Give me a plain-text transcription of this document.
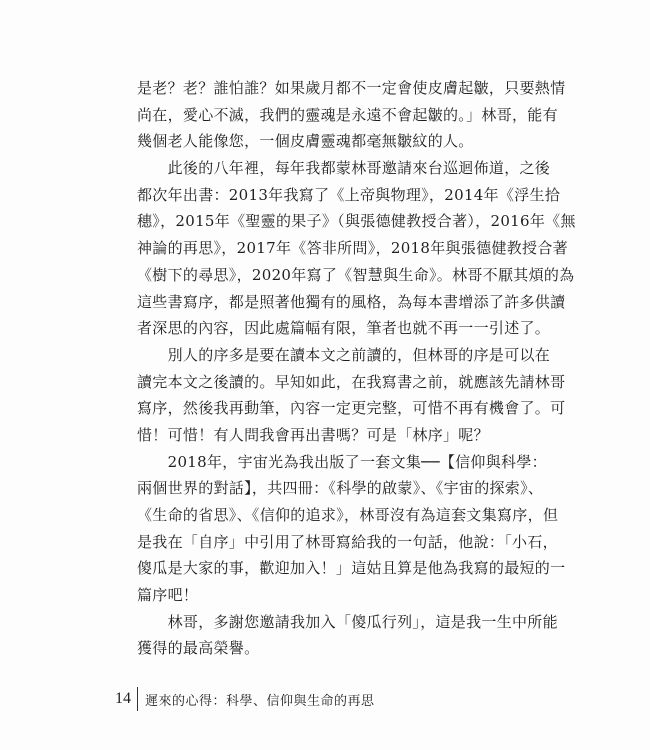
是老？老？誰怕誰？如果歲月都不一定會使皮膚起皺，只要熱情
尚在，愛心不滅，我們的靈魂是永遠不會起皺的。」林哥，能有
幾個老人能像您，一個皮膚靈魂都毫無皺紋的人。
　　此後的八年裡，每年我都蒙林哥邀請來台巡迴佈道，之後
都次年出書：2013年我寫了《上帝與物理》，2014年《浮生拾
穗》，2015年《聖靈的果子》（與張德健教授合著），2016年《無
神論的再思》，2017年《答非所問》，2018年與張德健教授合著
《樹下的尋思》，2020年寫了《智慧與生命》。林哥不厭其煩的為
這些書寫序，都是照著他獨有的風格，為每本書增添了許多供讀
者深思的內容，因此處篇幅有限，筆者也就不再一一引述了。
　　別人的序多是要在讀本文之前讀的，但林哥的序是可以在
讀完本文之後讀的。早知如此，在我寫書之前，就應該先請林哥
寫序，然後我再動筆，內容一定更完整，可惜不再有機會了。可
惜！可惜！有人問我會再出書嗎？可是「林序」呢？
　　2018年，宇宙光為我出版了一套文集──【信仰與科學：
兩個世界的對話】，共四冊：《科學的啟蒙》、《宇宙的探索》、
《生命的省思》、《信仰的追求》，林哥沒有為這套文集寫序，但
是我在「自序」中引用了林哥寫給我的一句話，他說：「小石，
傻瓜是大家的事，歡迎加入！」這姑且算是他為我寫的最短的一
篇序吧！
　　林哥，多謝您邀請我加入「傻瓜行列」，這是我一生中所能
獲得的最高榮譽。
14	遲來的心得：科學、信仰與生命的再思
